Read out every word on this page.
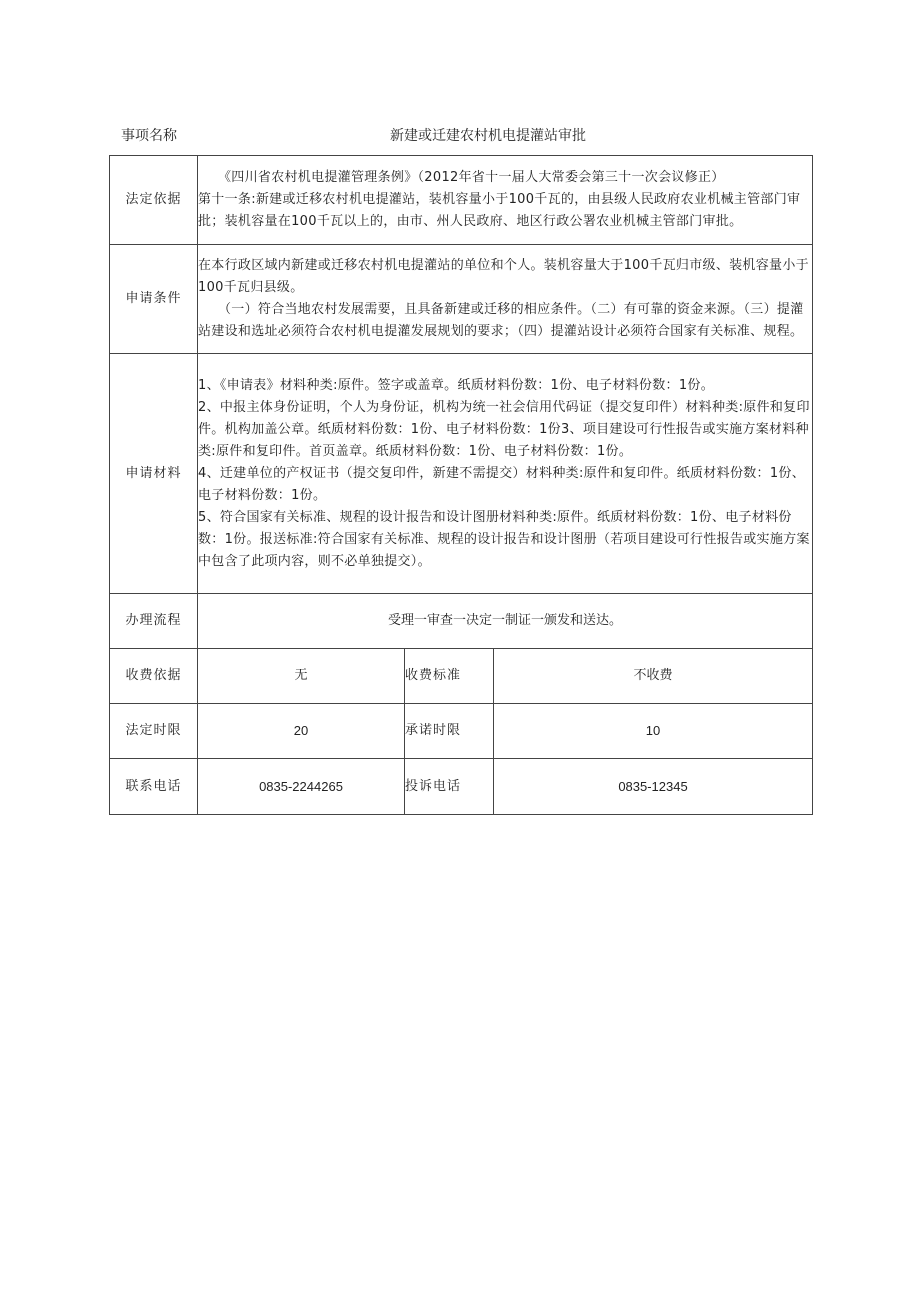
事项名称	新建或迁建农村机电提灌站审批
法定依据	《四川省农村机电提灌管理条例》（2012年省十一届人大常委会第三十一次会议修正）

第十一条:新建或迁移农村机电提灌站，装机容量小于100千瓦的，由县级人民政府农业机械主管部门审批；装机容量在100千瓦以上的，由市、州人民政府、地区行政公署农业机械主管部门审批。		

申请条件	在本行政区域内新建或迁移农村机电提灌站的单位和个人。装机容量大于100千瓦归市级、装机容量小于100千瓦归县级。

（一）符合当地农村发展需要，且具备新建或迁移的相应条件。（二）有可靠的资金来源。（三）提灌站建设和选址必须符合农村机电提灌发展规划的要求；（四）提灌站设计必须符合国家有关标准、规程。		

申请材料	1、《申请表》材料种类:原件。签字或盖章。纸质材料份数：1份、电子材料份数：1份。

2、中报主体身份证明，个人为身份证，机构为统一社会信用代码证（提交复印件）材料种类:原件和复印件。机构加盖公章。纸质材料份数：1份、电子材料份数：1份3、项目建设可行性报告或实施方案材料种类:原件和复印件。首页盖章。纸质材料份数：1份、电子材料份数：1份。

4、迁建单位的产权证书（提交复印件，新建不需提交）材料种类:原件和复印件。纸质材料份数：1份、电子材料份数：1份。

5、符合国家有关标准、规程的设计报告和设计图册材料种类:原件。纸质材料份数：1份、电子材料份数：1份。报送标准:符合国家有关标准、规程的设计报告和设计图册（若项目建设可行性报告或实施方案中包含了此项内容，则不必单独提交）。		

办理流程	受理一审查一决定一制证一颁发和送达。		
收费依据	无	收费标准	不收费
法定时限	20	承诺时限	10
联系电话	0835-2244265	投诉电话	0835-12345
